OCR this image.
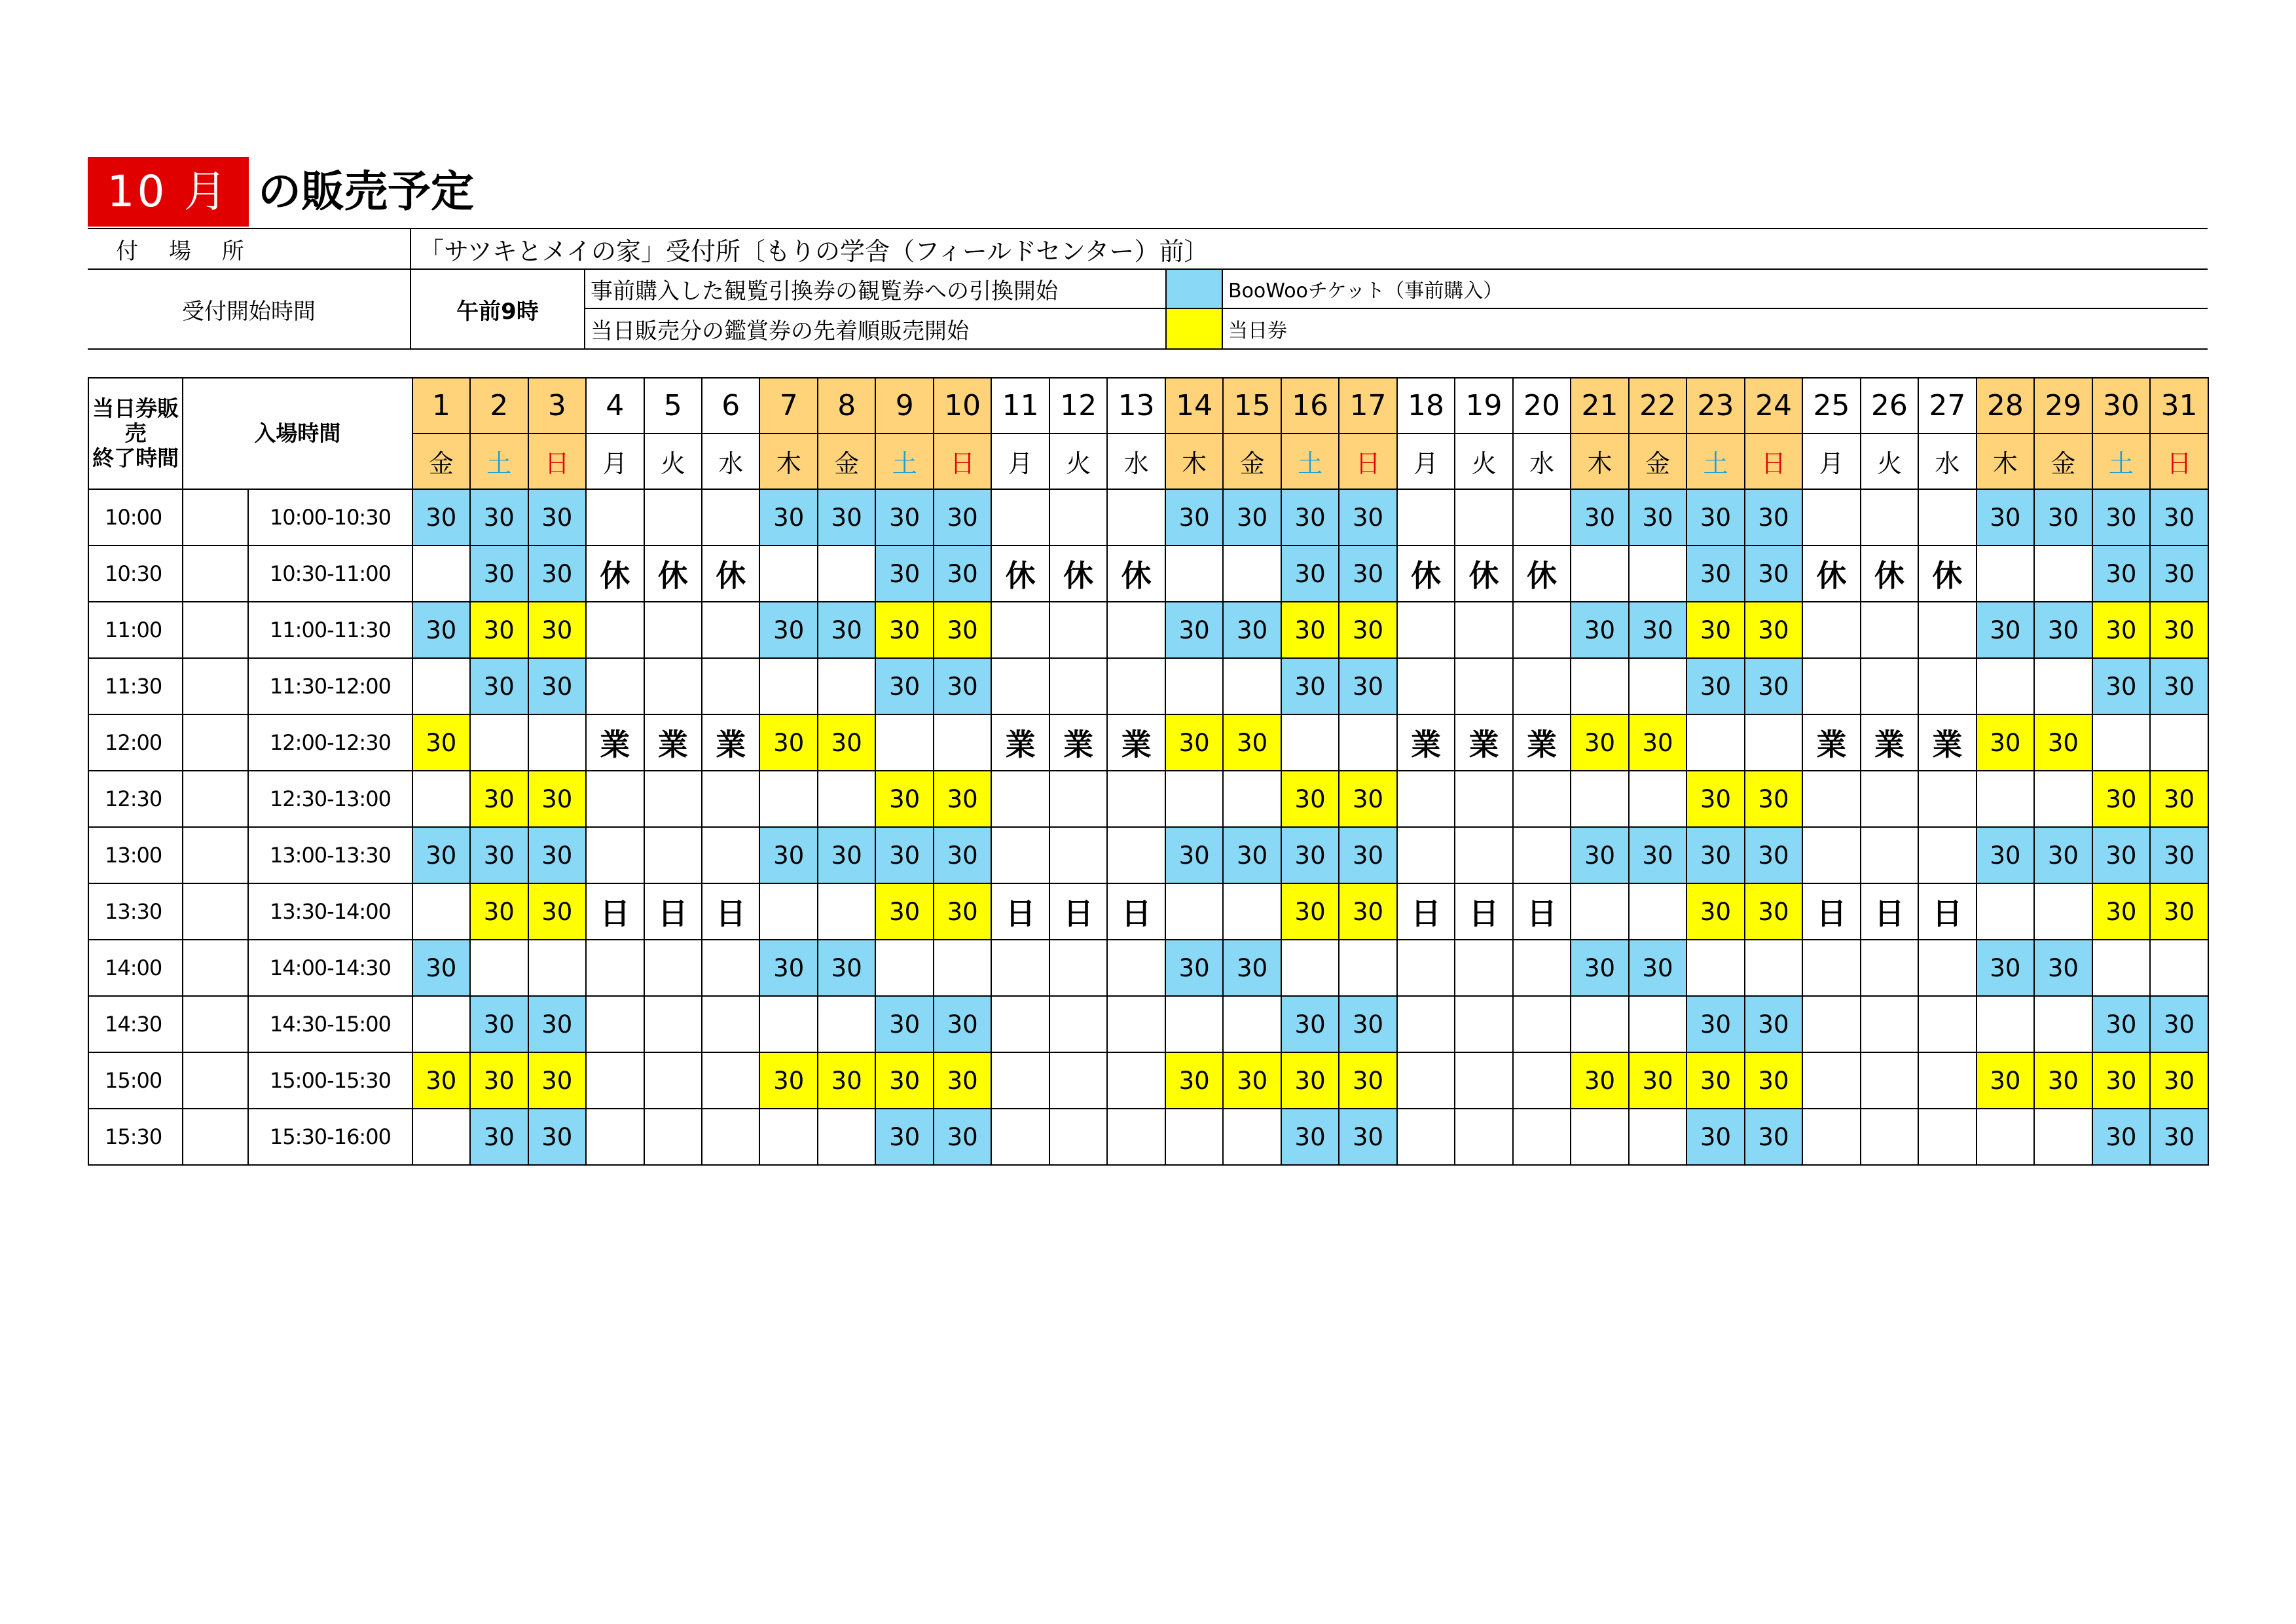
10 月 の販売予定
付 場 所	「サツキとメイの家」受付所〔もりの学舎（フィールドセンター）前〕
受付開始時間	午前9時
事前購入した観覧引換券の観覧券への引換開始
当日販売分の鑑賞券の先着順販売開始
BooWooチケット（事前購入）
当日券
当日券販売
終了時間	入場時間		1	2	3	4	5	6	7	8	9	10	11	12	13	14	15	16	17	18	19	20	21	22	23	24	25	26	27	28	29	30	31
			金	土	日	月	火	水	木	金	土	日	月	火	水	木	金	土	日	月	火	水	木	金	土	日	月	火	水	木	金	土	日
10:00		10:00-10:30	30	30	30				30	30	30	30				30	30	30	30				30	30	30	30				30	30	30	30
10:30		10:30-11:00		30	30	休	休	休			30	30	休	休	休			30	30	休	休	休			30	30	休	休	休			30	30
11:00		11:00-11:30	30	30	30				30	30	30	30				30	30	30	30				30	30	30	30				30	30	30	30
11:30		11:30-12:00		30	30						30	30						30	30						30	30						30	30
12:00		12:00-12:30	30			業	業	業	30	30			業	業	業	30	30			業	業	業	30	30			業	業	業	30	30		
12:30		12:30-13:00		30	30						30	30						30	30						30	30						30	30
13:00		13:00-13:30	30	30	30				30	30	30	30				30	30	30	30				30	30	30	30				30	30	30	30
13:30		13:30-14:00		30	30	日	日	日			30	30	日	日	日			30	30	日	日	日			30	30	日	日	日			30	30
14:00		14:00-14:30	30						30	30						30	30						30	30						30	30		
14:30		14:30-15:00		30	30						30	30						30	30						30	30						30	30
15:00		15:00-15:30	30	30	30				30	30	30	30				30	30	30	30				30	30	30	30				30	30	30	30
15:30		15:30-16:00		30	30						30	30						30	30						30	30						30	30
